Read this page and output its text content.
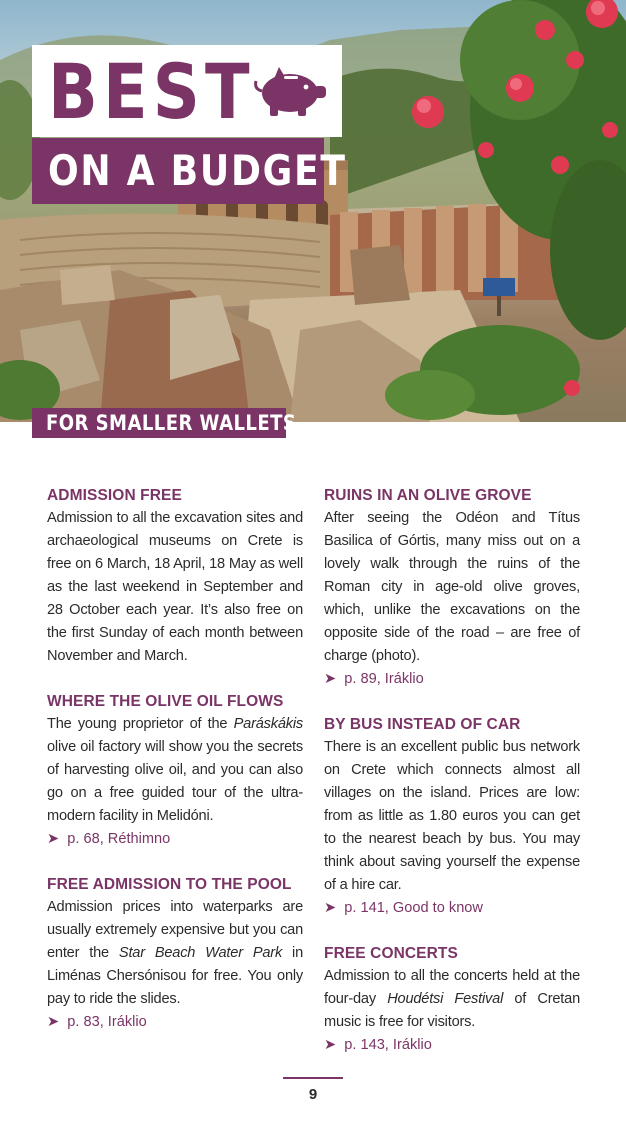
BEST
ON A BUDGET
FOR SMALLER WALLETS
ADMISSION FREE
Admission to all the excavation sites and archaeological museums on Crete is free on 6 March, 18 April, 18 May as well as the last weekend in September and 28 October each year. It’s also free on the first Sunday of each month between November and March.
WHERE THE OLIVE OIL FLOWS
The young proprietor of the Paráskákis olive oil factory will show you the secrets of harvesting olive oil, and you can also go on a free guided tour of the ultra-modern facility in Melidóni.
➤ p. 68, Réthimno
FREE ADMISSION TO THE POOL
Admission prices into waterparks are usually extremely expensive but you can enter the Star Beach Water Park in Liménas Chersónisou for free. You only pay to ride the slides.
➤ p. 83, Iráklio
RUINS IN AN OLIVE GROVE
After seeing the Odéon and Títus Basilica of Górtis, many miss out on a lovely walk through the ruins of the Roman city in age-old olive groves, which, unlike the excavations on the opposite side of the road – are free of charge (photo).
➤ p. 89, Iráklio
BY BUS INSTEAD OF CAR
There is an excellent public bus network on Crete which connects almost all villages on the island. Prices are low: from as little as 1.80 euros you can get to the nearest beach by bus. You may think about saving yourself the expense of a hire car.
➤ p. 141, Good to know
FREE CONCERTS
Admission to all the concerts held at the four-day Houdétsi Festival of Cretan music is free for visitors.
➤ p. 143, Iráklio
9
